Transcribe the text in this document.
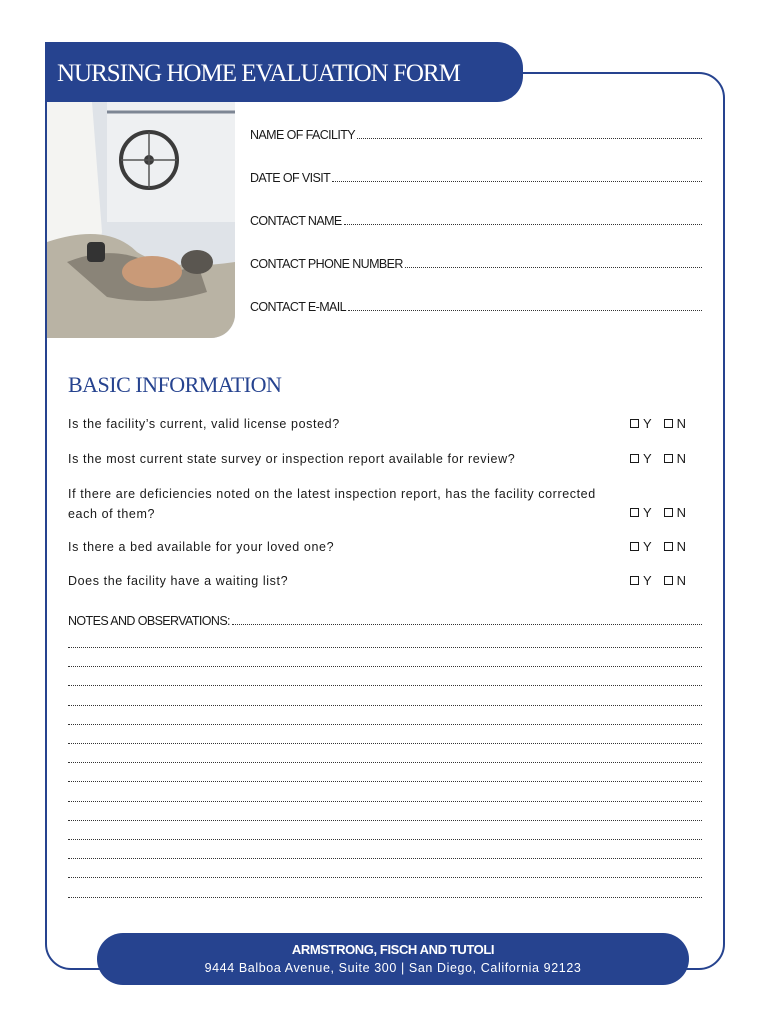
NURSING HOME EVALUATION FORM
NAME OF FACILITY
DATE OF VISIT
CONTACT NAME
CONTACT PHONE NUMBER
CONTACT E-MAIL
BASIC INFORMATION
Is the facility’s current, valid license posted?	Y N
Is the most current state survey or inspection report available for review?	Y N
If there are deficiencies noted on the latest inspection report, has the facility corrected each of them?	Y N
Is there a bed available for your loved one?	Y N
Does the facility have a waiting list?	Y N
NOTES AND OBSERVATIONS:
ARMSTRONG, FISCH AND TUTOLI
9444 Balboa Avenue, Suite 300 | San Diego, California 92123
